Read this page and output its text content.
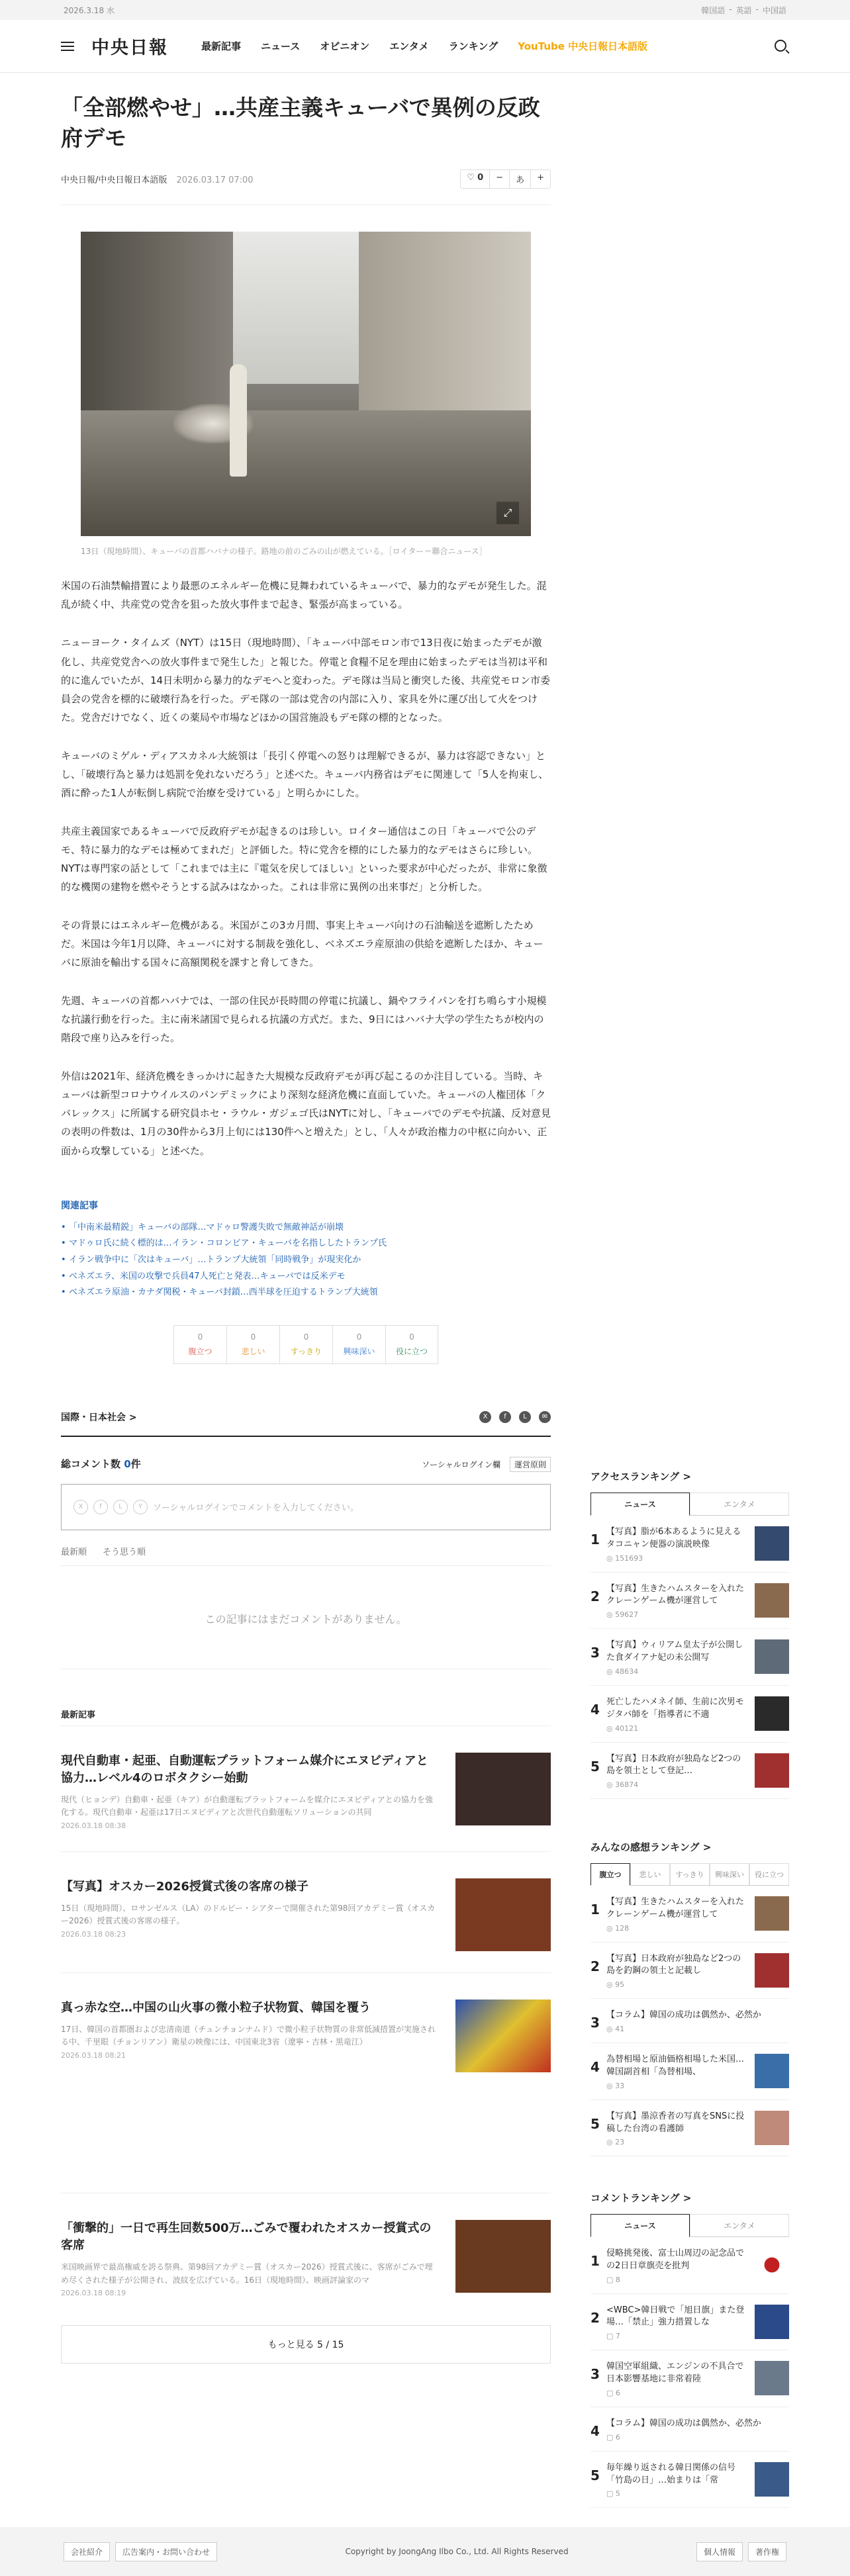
2026.3.18 水	韓国語 - 英語 - 中国語
中央日報	最新記事 ニュース オピニオン エンタメ ランキング YouTube 中央日報日本語版
「全部燃やせ」…共産主義キューバで異例の反政府デモ
中央日報/中央日報日本語版 2026.03.17 07:00	♡ 0	−	あ	+
⤢
13日（現地時間）、キューバの首都ハバナの様子。路地の前のごみの山が燃えている。［ロイター＝聯合ニュース］

米国の石油禁輸措置により最悪のエネルギー危機に見舞われているキューバで、暴力的なデモが発生した。混乱が続く中、共産党の党舎を狙った放火事件まで起き、緊張が高まっている。

ニューヨーク・タイムズ（NYT）は15日（現地時間）、「キューバ中部モロン市で13日夜に始まったデモが激化し、共産党党舎への放火事件まで発生した」と報じた。停電と食糧不足を理由に始まったデモは当初は平和的に進んでいたが、14日未明から暴力的なデモへと変わった。デモ隊は当局と衝突した後、共産党モロン市委員会の党舎を標的に破壊行為を行った。デモ隊の一部は党舎の内部に入り、家具を外に運び出して火をつけた。党舎だけでなく、近くの薬局や市場などほかの国営施設もデモ隊の標的となった。

キューバのミゲル・ディアスカネル大統領は「長引く停電への怒りは理解できるが、暴力は容認できない」とし、「破壊行為と暴力は処罰を免れないだろう」と述べた。キューバ内務省はデモに関連して「5人を拘束し、酒に酔った1人が転倒し病院で治療を受けている」と明らかにした。

共産主義国家であるキューバで反政府デモが起きるのは珍しい。ロイター通信はこの日「キューバで公のデモ、特に暴力的なデモは極めてまれだ」と評価した。特に党舎を標的にした暴力的なデモはさらに珍しい。NYTは専門家の話として「これまでは主に『電気を戻してほしい』といった要求が中心だったが、非常に象徴的な機関の建物を燃やそうとする試みはなかった。これは非常に異例の出来事だ」と分析した。

その背景にはエネルギー危機がある。米国がこの3カ月間、事実上キューバ向けの石油輸送を遮断したためだ。米国は今年1月以降、キューバに対する制裁を強化し、ベネズエラ産原油の供給を遮断したほか、キューバに原油を輸出する国々に高額関税を課すと脅してきた。

先週、キューバの首都ハバナでは、一部の住民が長時間の停電に抗議し、鍋やフライパンを打ち鳴らす小規模な抗議行動を行った。主に南米諸国で見られる抗議の方式だ。また、9日にはハバナ大学の学生たちが校内の階段で座り込みを行った。

外信は2021年、経済危機をきっかけに起きた大規模な反政府デモが再び起こるのか注目している。当時、キューバは新型コロナウイルスのパンデミックにより深刻な経済危機に直面していた。キューバの人権団体「クバレックス」に所属する研究員ホセ・ラウル・ガジェゴ氏はNYTに対し、「キューバでのデモや抗議、反対意見の表明の件数は、1月の30件から3月上旬には130件へと増えた」とし、「人々が政治権力の中枢に向かい、正面から攻撃している」と述べた。

関連記事
• 「中南米最精鋭」キューバの部隊…マドゥロ警護失敗で無敵神話が崩壊
• マドゥロ氏に続く標的は…イラン・コロンビア・キューバを名指ししたトランプ氏
• イラン戦争中に「次はキューバ」…トランプ大統領「同時戦争」が現実化か
• ベネズエラ、米国の攻撃で兵員47人死亡と発表…キューバでは反米デモ
• ベネズエラ原油・カナダ関税・キューバ封鎖…西半球を圧迫するトランプ大統領
0
腹立つ
0
悲しい
0
すっきり
0
興味深い
0
役に立つ
国際・日本社会 >	X	f	L	✉
総コメント数 0件	ソーシャルログイン欄	運営原則
X	f	L	Y	ソーシャルログインでコメントを入力してください。
最新順 そう思う順
この記事にはまだコメントがありません。
最新記事
現代自動車・起亜、自動運転プラットフォーム媒介にエヌビディアと協力…レベル4のロボタクシー始動
現代（ヒョンデ）自動車・起亜（キア）が自動運転プラットフォームを媒介にエヌビディアとの協力を強化する。現代自動車・起亜は17日エヌビディアと次世代自動運転ソリューションの共同
2026.03.18 08:38
【写真】オスカー2026授賞式後の客席の様子
15日（現地時間）、ロサンゼルス（LA）のドルビー・シアターで開催された第98回アカデミー賞（オスカー2026）授賞式後の客席の様子。
2026.03.18 08:23
真っ赤な空…中国の山火事の微小粒子状物質、韓国を覆う
17日、韓国の首都圏および忠清南道（チュンチョンナムド）で微小粒子状物質の非常低減措置が実施される中、千里眼（チョンリアン）衛星の映像には、中国東北3省（遼寧・吉林・黒竜江）
2026.03.18 08:21
「衝撃的」一日で再生回数500万…ごみで覆われたオスカー授賞式の客席
米国映画界で最高権威を誇る祭典、第98回アカデミー賞（オスカー2026）授賞式後に、客席がごみで埋め尽くされた様子が公開され、波紋を広げている。16日（現地時間）、映画評論家のマ
2026.03.18 08:19
もっと見る 5 / 15
アクセスランキング >
ニュース	エンタメ
1 【写真】脂が6本あるように見えるタコニャン便器の演説映像
◎ 151693
2 【写真】生きたハムスターを入れたクレーンゲーム機が運営して
◎ 59627
3 【写真】ウィリアム皇太子が公開した食ダイアナ妃の未公開写
◎ 48634
4 死亡したハメネイ師、生前に次男モジタバ師を「指導者に不適
◎ 40121
5 【写真】日本政府が独島など2つの島を領土として登記…
◎ 36874
みんなの感想ランキング >
腹立つ	悲しい	すっきり	興味深い	役に立つ
1 【写真】生きたハムスターを入れたクレーンゲーム機が運営して
◎ 128
2 【写真】日本政府が独島など2つの島を釣鋼の領土と記載し
◎ 95
3 【コラム】韓国の成功は偶然か、必然か
◎ 41
4 為替相場と原油価格相場した米国…韓国副首相「為替相場、
◎ 33
5 【写真】墨涼香者の写真をSNSに投稿した台湾の看護師
◎ 23
コメントランキング >
ニュース	エンタメ
1 侵略挑発後、富士山周辺の記念品での2日日章旗売を批判
▢ 8
2 <WBC>韓日戦で「旭日旗」また登場…「禁止」強力措置しな
▢ 7
3 韓国空軍組織、エンジンの不具合で日本影響基地に非常着陸
▢ 6
4 【コラム】韓国の成功は偶然か、必然か
▢ 6
5 毎年繰り返される韓日関係の信号「竹島の日」…始まりは「常
▢ 5
会社紹介	広告案内・お問い合わせ	Copyright by JoongAng Ilbo Co., Ltd. All Rights Reserved	個人情報	著作権
